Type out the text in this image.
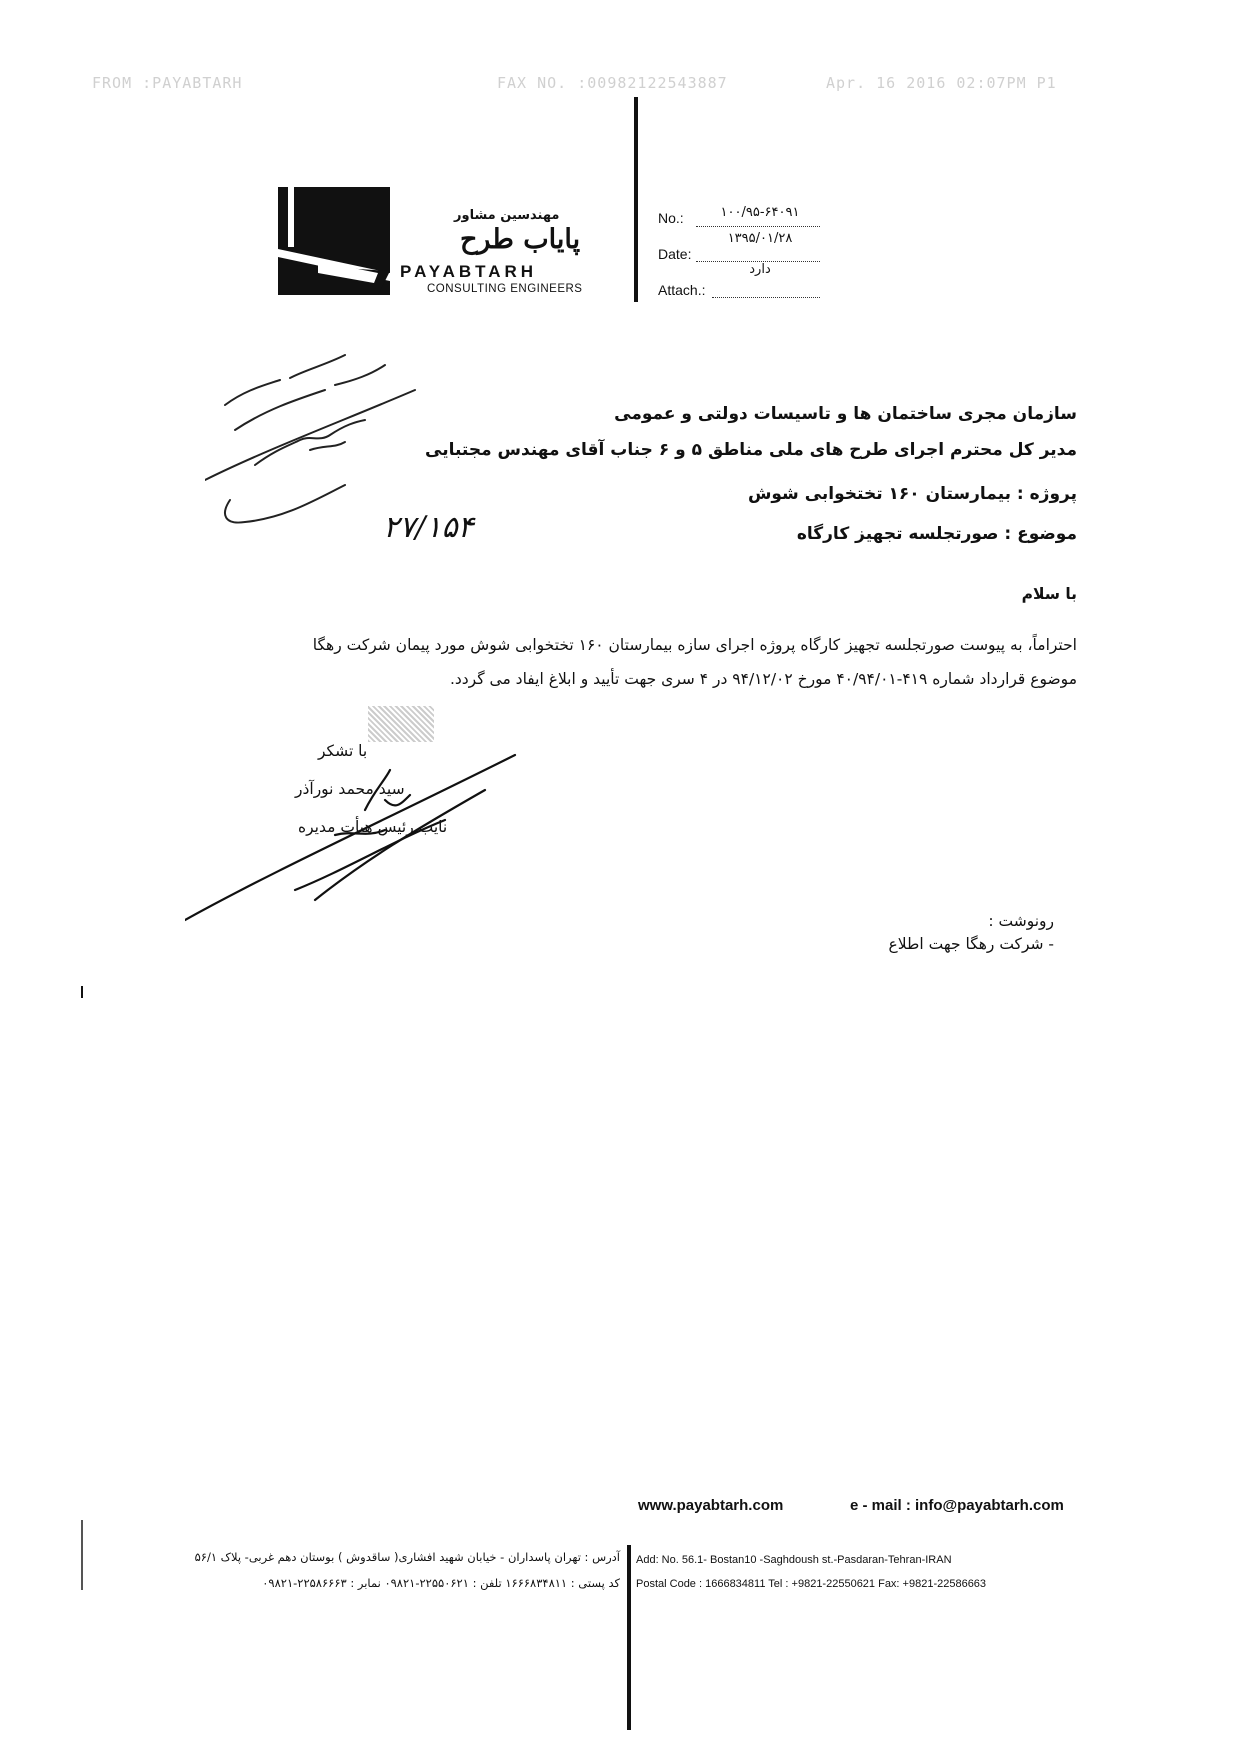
FROM :PAYABTARH	FAX NO. :00982122543887	Apr. 16 2016 02:07PM P1
مهندسین مشاور
پایاب طرح
PAYABTARH
CONSULTING ENGINEERS
No.:	۱۰۰/۹۵-۶۴۰۹۱
Date:
۱۳۹۵/۰۱/۲۸
Attach.:
دارد
۲۷/۱۵۴
سازمان مجری ساختمان ها و تاسیسات دولتی و عمومی
مدیر کل محترم اجرای طرح های ملی مناطق ۵ و ۶ جناب آقای مهندس مجتبایی
پروژه : بیمارستان ۱۶۰ تختخوابی شوش
موضوع : صورتجلسه تجهیز کارگاه
با سلام
احتراماً، به پیوست صورتجلسه تجهیز کارگاه پروژه اجرای سازه بیمارستان ۱۶۰ تختخوابی شوش مورد پیمان شرکت رهگا
موضوع قرارداد شماره ۴۱۹-۴۰/۹۴/۰۱ مورخ ۹۴/۱۲/۰۲ در ۴ سری جهت تأیید و ابلاغ ایفاد می گردد.
با تشکر
سید محمد نورآذر
نایب رئیس هیأت مدیره
رونوشت :
- شرکت رهگا جهت اطلاع
www.payabtarh.com	e - mail : info@payabtarh.com
آدرس : تهران پاسداران - خیابان شهید افشاری( ساقدوش ) بوستان دهم غربی- پلاک ۵۶/۱
کد پستی : ۱۶۶۶۸۳۴۸۱۱ تلفن : ۲۲۵۵۰۶۲۱-۰۹۸۲۱ نمابر : ۲۲۵۸۶۶۶۳-۰۹۸۲۱
Add: No. 56.1- Bostan10 -Saghdoush st.-Pasdaran-Tehran-IRAN
Postal Code : 1666834811 Tel : +9821-22550621 Fax: +9821-22586663
